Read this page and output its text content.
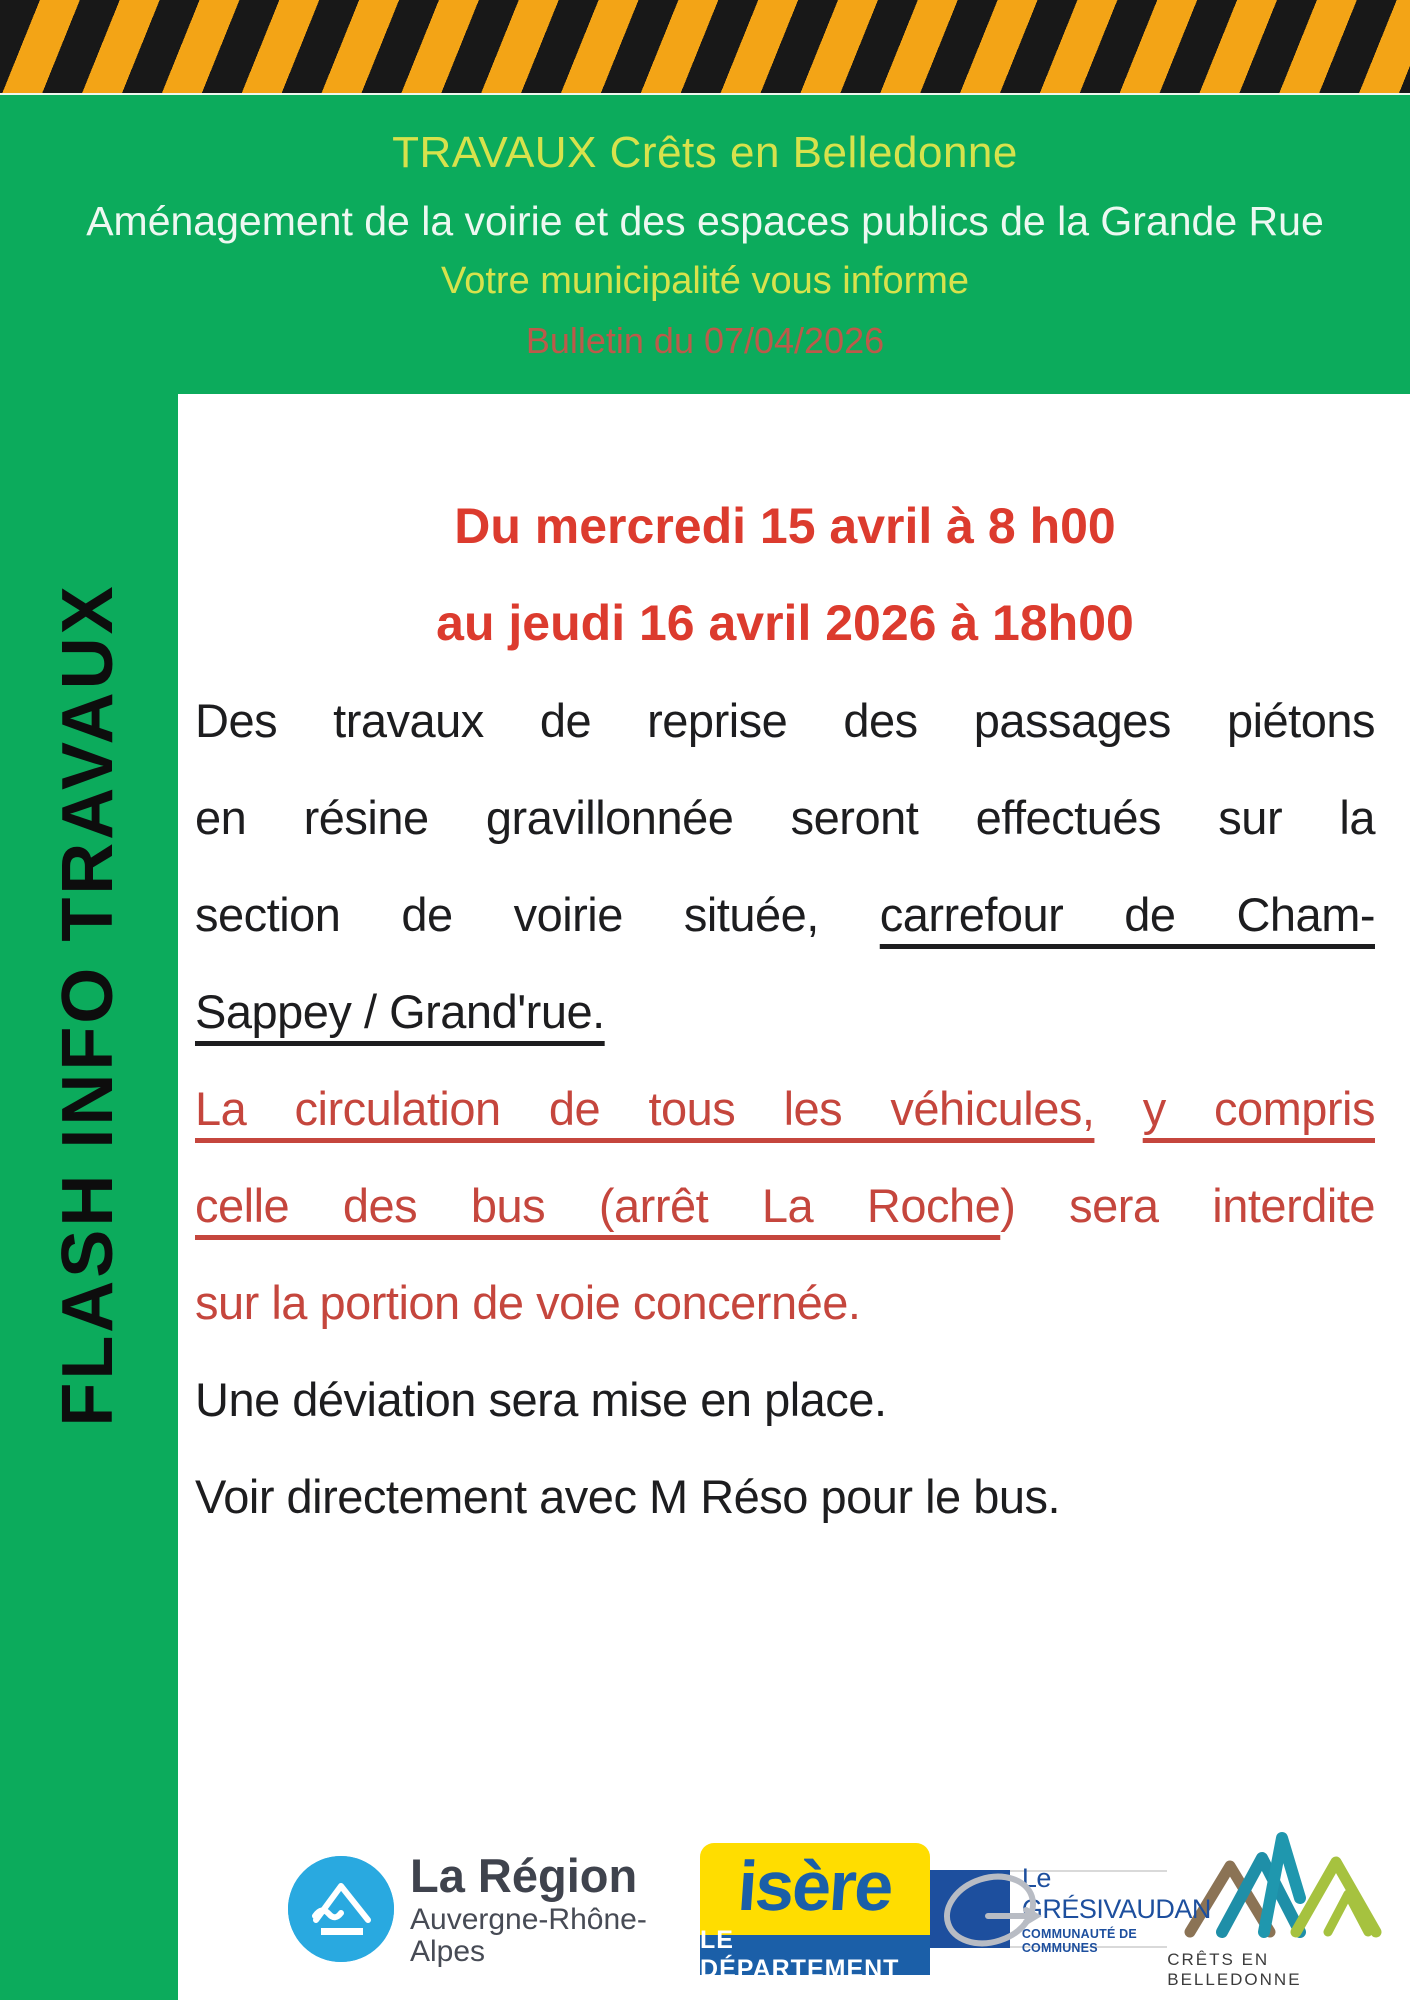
TRAVAUX Crêts en Belledonne
Aménagement de la voirie et des espaces publics de la Grande Rue
Votre municipalité vous informe
Bulletin du 07/04/2026
FLASH INFO TRAVAUX
Du mercredi 15 avril à 8 h00
au jeudi 16 avril 2026 à 18h00
Des travaux de reprise des passages piétons
en résine gravillonnée seront effectués sur la
section de voirie située, carrefour de Cham-
Sappey / Grand'rue.
La circulation de tous les véhicules, y compris
celle des bus (arrêt La Roche) sera interdite
sur la portion de voie concernée.
Une déviation sera mise en place.
Voir directement avec M Réso pour le bus.
La Région
Auvergne-Rhône-Alpes
isère
LE DÉPARTEMENT
Le GRÉSIVAUDAN
COMMUNAUTÉ DE COMMUNES
CRÊTS EN BELLEDONNE
